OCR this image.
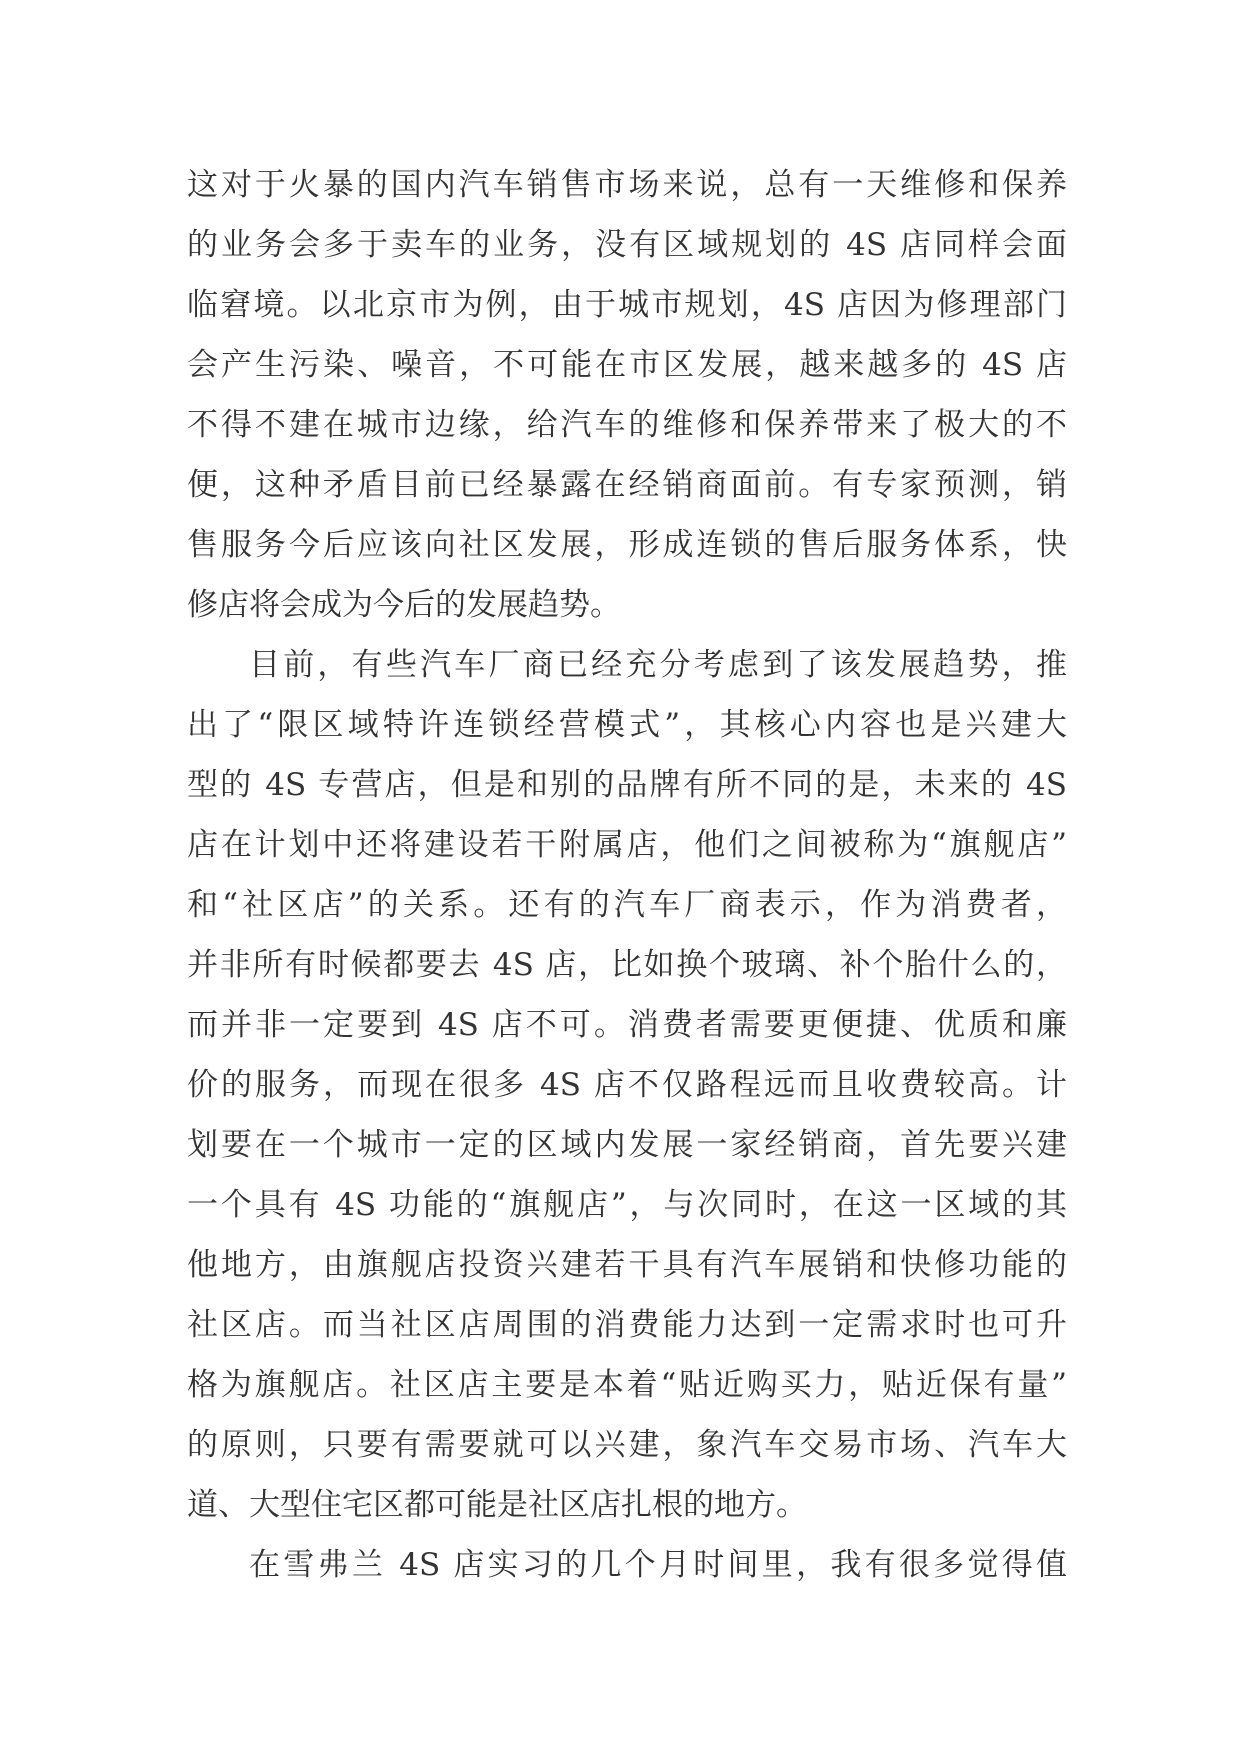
这对于火暴的国内汽车销售市场来说，总有一天维修和保养
的业务会多于卖车的业务，没有区域规划的 4S 店同样会面
临窘境。以北京市为例，由于城市规划，4S 店因为修理部门
会产生污染、噪音，不可能在市区发展，越来越多的 4S 店
不得不建在城市边缘，给汽车的维修和保养带来了极大的不
便，这种矛盾目前已经暴露在经销商面前。有专家预测，销
售服务今后应该向社区发展，形成连锁的售后服务体系，快
修店将会成为今后的发展趋势。
目前，有些汽车厂商已经充分考虑到了该发展趋势，推
出了“限区域特许连锁经营模式”，其核心内容也是兴建大
型的 4S 专营店，但是和别的品牌有所不同的是，未来的 4S
店在计划中还将建设若干附属店，他们之间被称为“旗舰店”
和“社区店”的关系。还有的汽车厂商表示，作为消费者，
并非所有时候都要去 4S 店，比如换个玻璃、补个胎什么的，
而并非一定要到 4S 店不可。消费者需要更便捷、优质和廉
价的服务，而现在很多 4S 店不仅路程远而且收费较高。计
划要在一个城市一定的区域内发展一家经销商，首先要兴建
一个具有 4S 功能的“旗舰店”，与次同时，在这一区域的其
他地方，由旗舰店投资兴建若干具有汽车展销和快修功能的
社区店。而当社区店周围的消费能力达到一定需求时也可升
格为旗舰店。社区店主要是本着“贴近购买力，贴近保有量”
的原则，只要有需要就可以兴建，象汽车交易市场、汽车大
道、大型住宅区都可能是社区店扎根的地方。
在雪弗兰 4S 店实习的几个月时间里，我有很多觉得值
